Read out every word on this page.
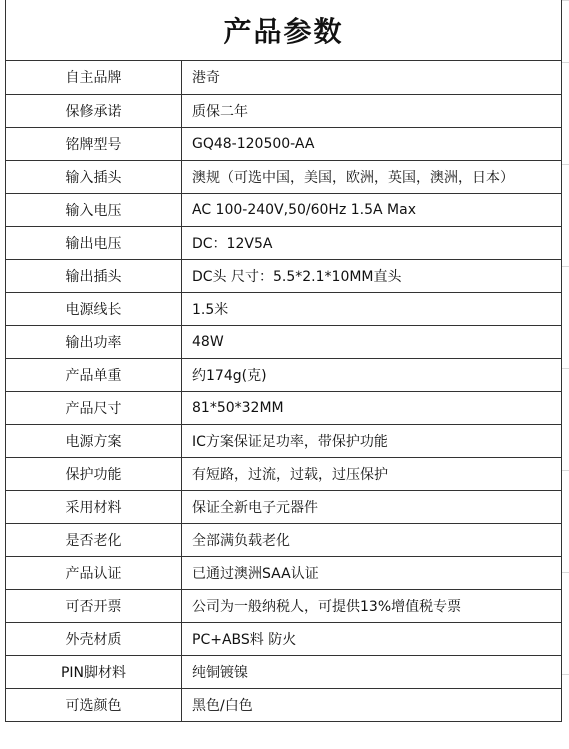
产品参数
自主品牌	港奇
保修承诺	质保二年
铭牌型号	GQ48-120500-AA
输入插头	澳规（可选中国，美国，欧洲，英国，澳洲，日本）
输入电压	AC 100-240V,50/60Hz 1.5A Max
输出电压	DC：12V5A
输出插头	DC头 尺寸：5.5*2.1*10MM直头
电源线长	1.5米
输出功率	48W
产品单重	约174g(克)
产品尺寸	81*50*32MM
电源方案	IC方案保证足功率，带保护功能
保护功能	有短路，过流，过载，过压保护
采用材料	保证全新电子元器件
是否老化	全部满负载老化
产品认证	已通过澳洲SAA认证
可否开票	公司为一般纳税人，可提供13%增值税专票
外壳材质	PC+ABS料 防火
PIN脚材料	纯铜镀镍
可选颜色	黑色/白色
